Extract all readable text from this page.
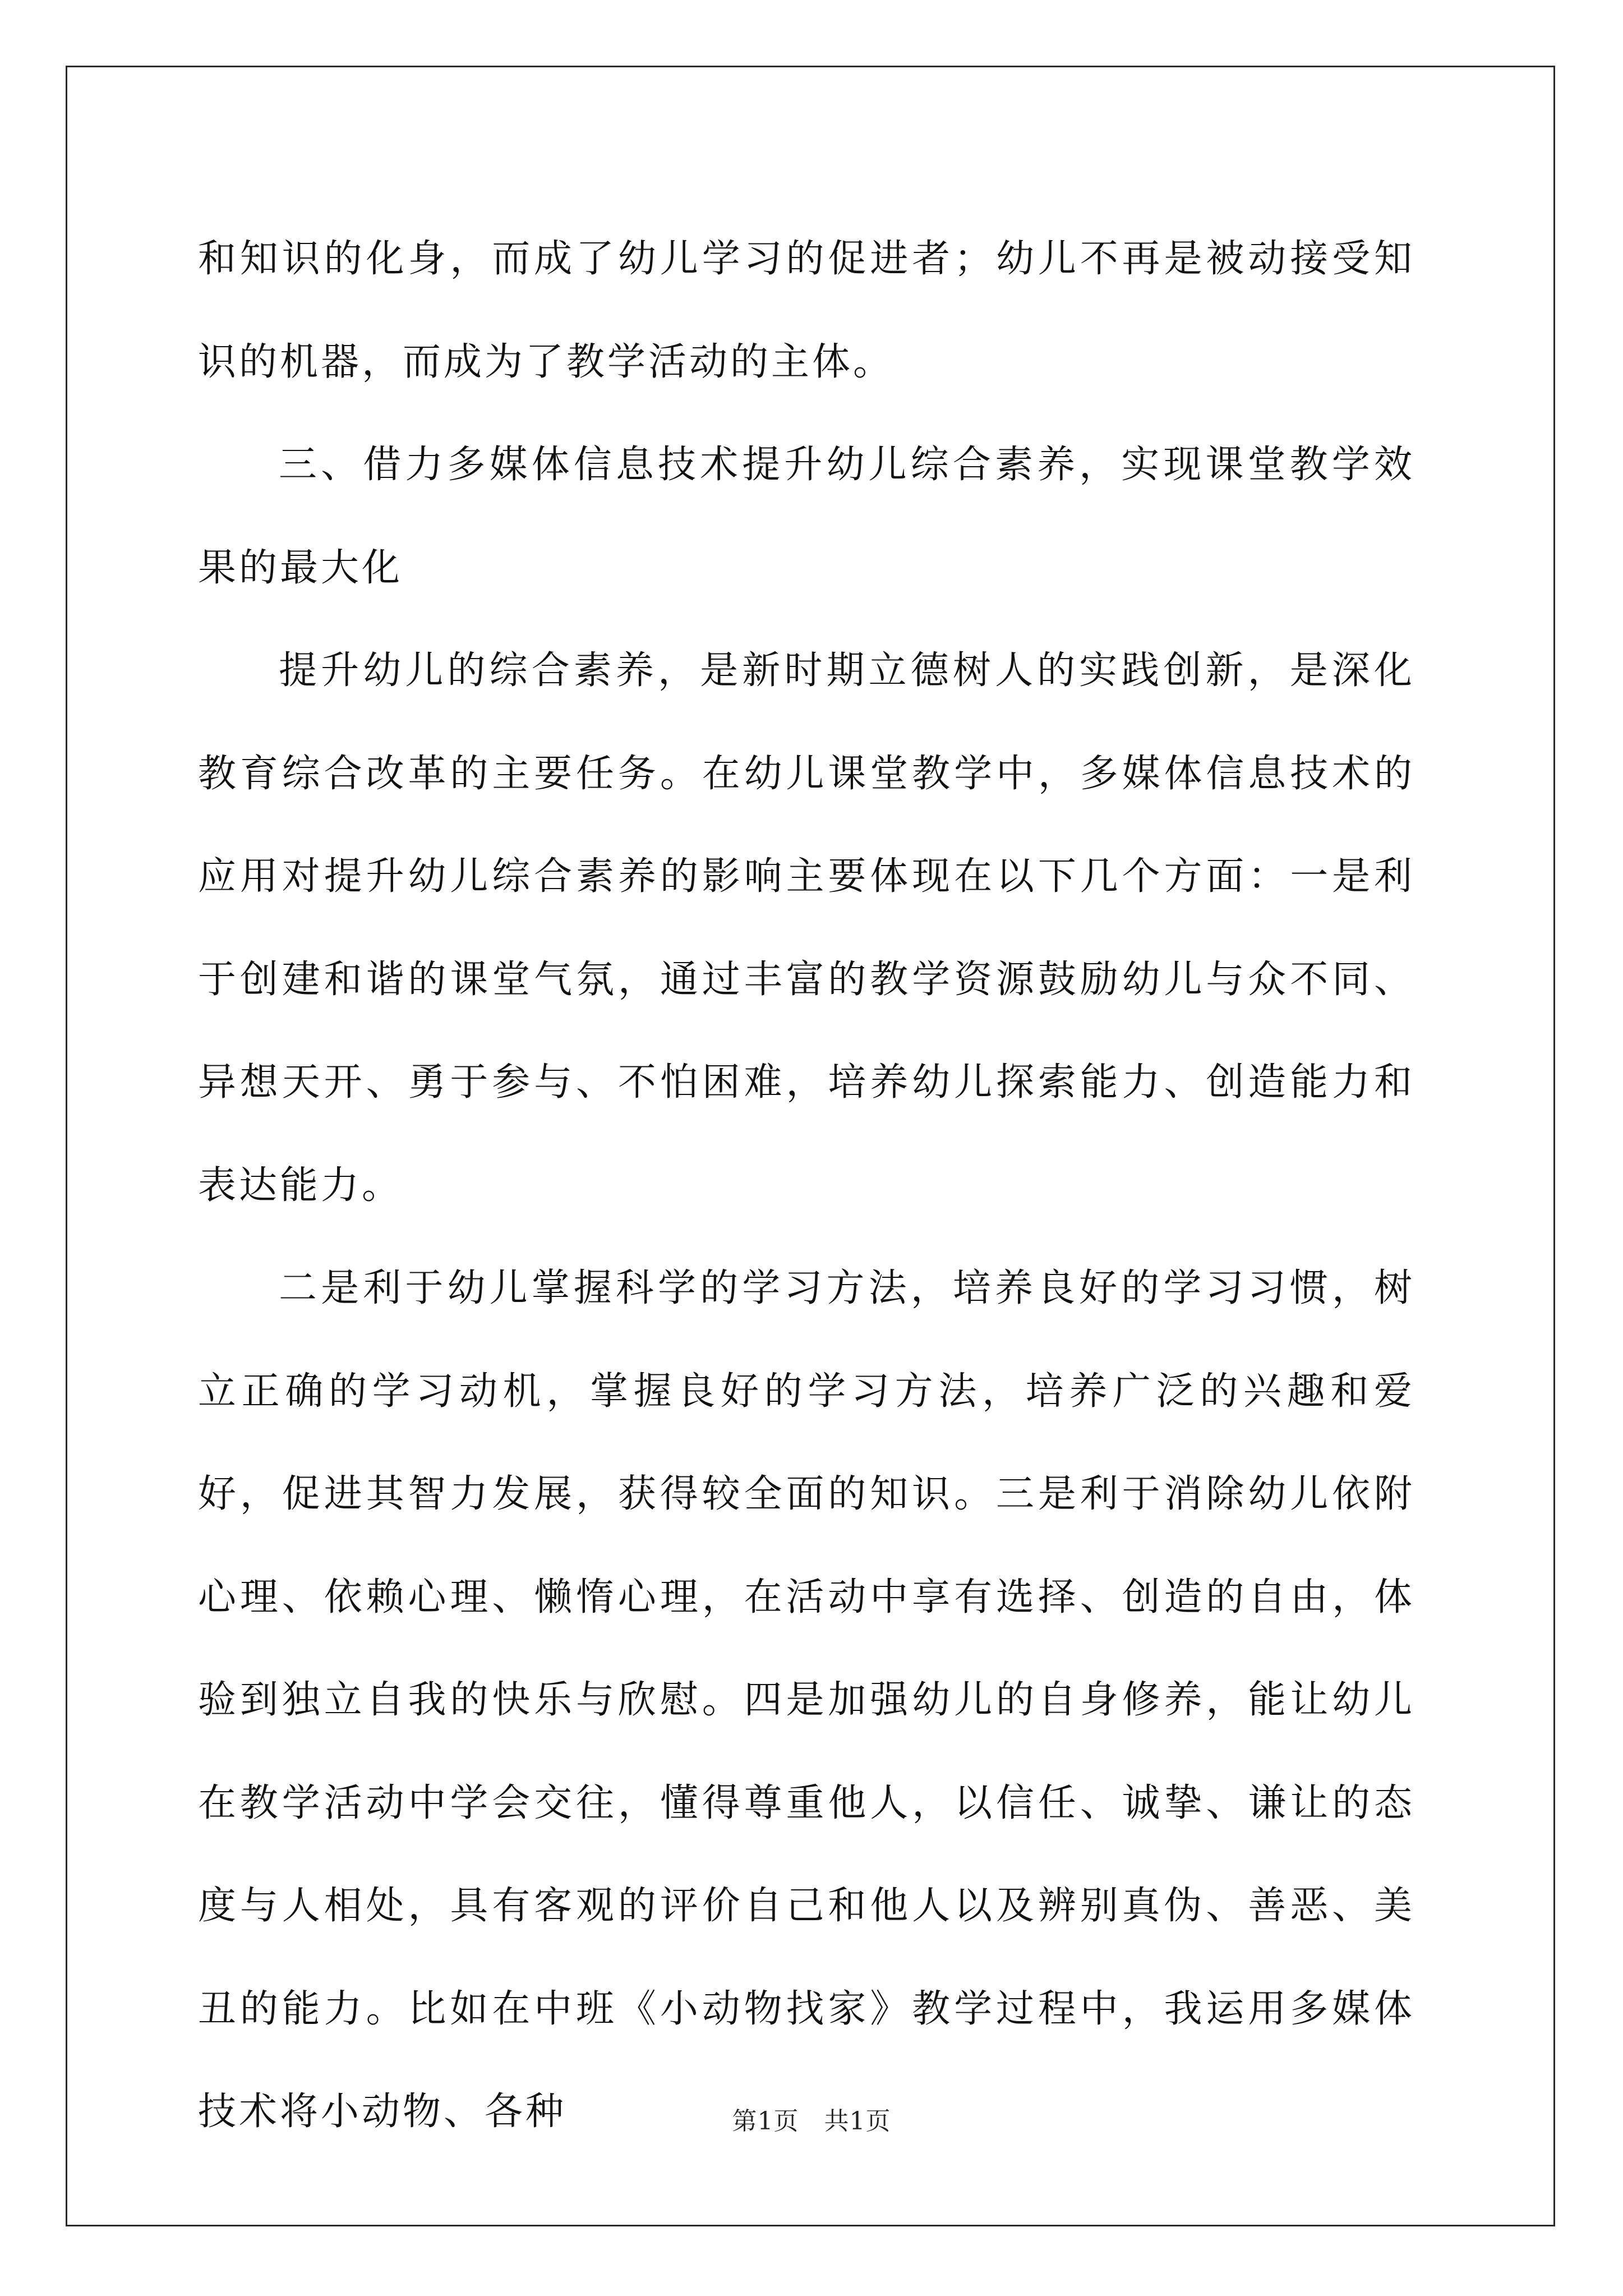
和知识的化身，而成了幼儿学习的促进者；幼儿不再是被动接受知识的机器，而成为了教学活动的主体。

三、借力多媒体信息技术提升幼儿综合素养，实现课堂教学效果的最大化

提升幼儿的综合素养，是新时期立德树人的实践创新，是深化教育综合改革的主要任务。在幼儿课堂教学中，多媒体信息技术的应用对提升幼儿综合素养的影响主要体现在以下几个方面：一是利于创建和谐的课堂气氛，通过丰富的教学资源鼓励幼儿与众不同、异想天开、勇于参与、不怕困难，培养幼儿探索能力、创造能力和表达能力。

二是利于幼儿掌握科学的学习方法，培养良好的学习习惯，树立正确的学习动机，掌握良好的学习方法，培养广泛的兴趣和爱好，促进其智力发展，获得较全面的知识。三是利于消除幼儿依附心理、依赖心理、懒惰心理，在活动中享有选择、创造的自由，体验到独立自我的快乐与欣慰。四是加强幼儿的自身修养，能让幼儿在教学活动中学会交往，懂得尊重他人，以信任、诚挚、谦让的态度与人相处，具有客观的评价自己和他人以及辨别真伪、善恶、美丑的能力。比如在中班《小动物找家》教学过程中，我运用多媒体技术将小动物、各种	第1页　共1页
